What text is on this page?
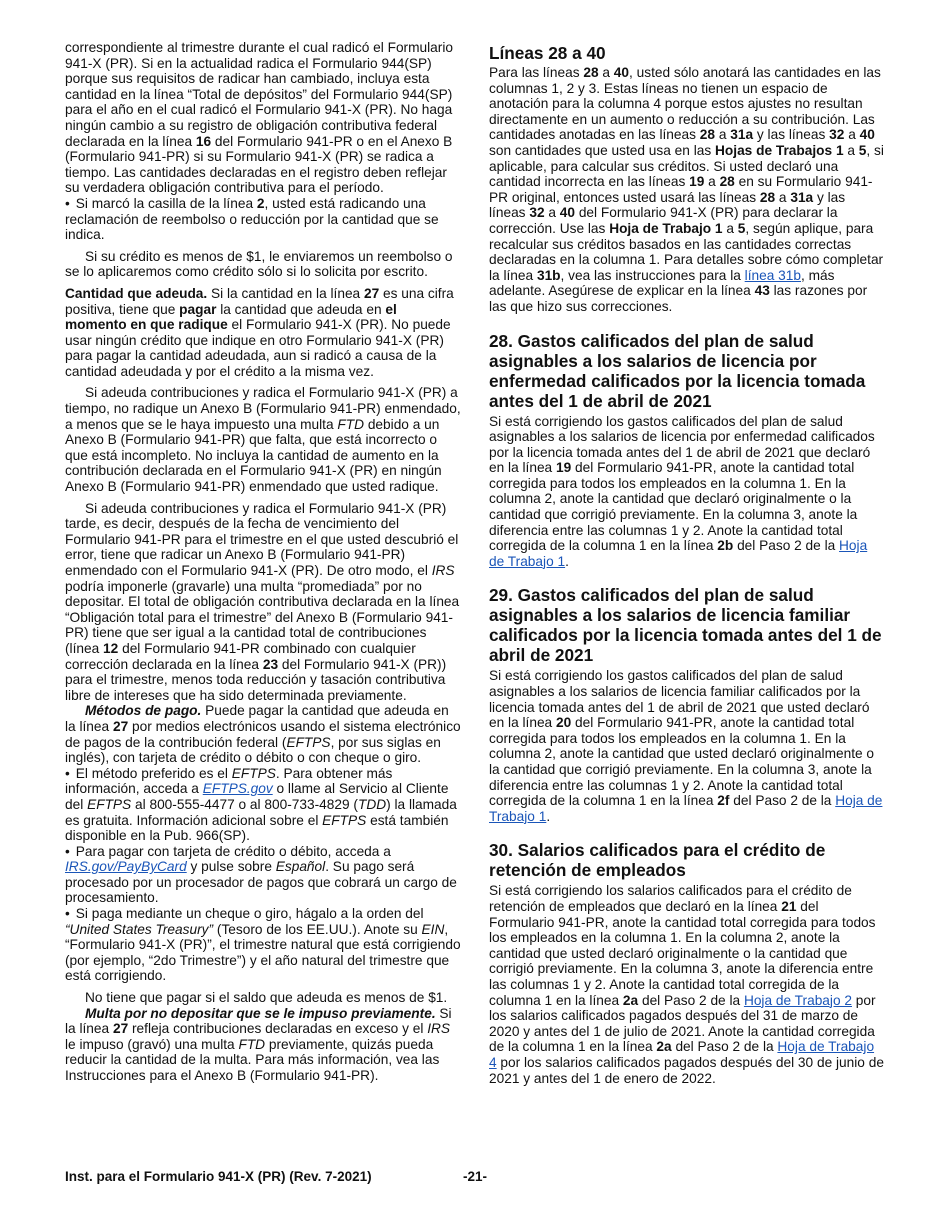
correspondiente al trimestre durante el cual radicó el Formulario 941-X (PR). Si en la actualidad radica el Formulario 944(SP) porque sus requisitos de radicar han cambiado, incluya esta cantidad en la línea “Total de depósitos” del Formulario 944(SP) para el año en el cual radicó el Formulario 941-X (PR). No haga ningún cambio a su registro de obligación contributiva federal declarada en la línea 16 del Formulario 941-PR o en el Anexo B (Formulario 941-PR) si su Formulario 941-X (PR) se radica a tiempo. Las cantidades declaradas en el registro deben reflejar su verdadera obligación contributiva para el período.

• Si marcó la casilla de la línea 2, usted está radicando una reclamación de reembolso o reducción por la cantidad que se indica.

Si su crédito es menos de $1, le enviaremos un reembolso o se lo aplicaremos como crédito sólo si lo solicita por escrito.

Cantidad que adeuda. Si la cantidad en la línea 27 es una cifra positiva, tiene que pagar la cantidad que adeuda en el momento en que radique el Formulario 941-X (PR). No puede usar ningún crédito que indique en otro Formulario 941-X (PR) para pagar la cantidad adeudada, aun si radicó a causa de la cantidad adeudada y por el crédito a la misma vez.

Si adeuda contribuciones y radica el Formulario 941-X (PR) a tiempo, no radique un Anexo B (Formulario 941-PR) enmendado, a menos que se le haya impuesto una multa FTD debido a un Anexo B (Formulario 941-PR) que falta, que está incorrecto o que está incompleto. No incluya la cantidad de aumento en la contribución declarada en el Formulario 941-X (PR) en ningún Anexo B (Formulario 941-PR) enmendado que usted radique.

Si adeuda contribuciones y radica el Formulario 941-X (PR) tarde, es decir, después de la fecha de vencimiento del Formulario 941-PR para el trimestre en el que usted descubrió el error, tiene que radicar un Anexo B (Formulario 941-PR) enmendado con el Formulario 941-X (PR). De otro modo, el IRS podría imponerle (gravarle) una multa “promediada” por no depositar. El total de obligación contributiva declarada en la línea “Obligación total para el trimestre” del Anexo B (Formulario 941-PR) tiene que ser igual a la cantidad total de contribuciones (línea 12 del Formulario 941-PR combinado con cualquier corrección declarada en la línea 23 del Formulario 941-X (PR)) para el trimestre, menos toda reducción y tasación contributiva libre de intereses que ha sido determinada previamente.

Métodos de pago. Puede pagar la cantidad que adeuda en la línea 27 por medios electrónicos usando el sistema electrónico de pagos de la contribución federal (EFTPS, por sus siglas en inglés), con tarjeta de crédito o débito o con cheque o giro.

• El método preferido es el EFTPS. Para obtener más información, acceda a EFTPS.gov o llame al Servicio al Cliente del EFTPS al 800-555-4477 o al 800-733-4829 (TDD) la llamada es gratuita. Información adicional sobre el EFTPS está también disponible en la Pub. 966(SP).

• Para pagar con tarjeta de crédito o débito, acceda a IRS.gov/PayByCard y pulse sobre Español. Su pago será procesado por un procesador de pagos que cobrará un cargo de procesamiento.

• Si paga mediante un cheque o giro, hágalo a la orden del “United States Treasury” (Tesoro de los EE.UU.). Anote su EIN, “Formulario 941-X (PR)”, el trimestre natural que está corrigiendo (por ejemplo, “2do Trimestre”) y el año natural del trimestre que está corrigiendo.

No tiene que pagar si el saldo que adeuda es menos de $1.

Multa por no depositar que se le impuso previamente. Si la línea 27 refleja contribuciones declaradas en exceso y el IRS le impuso (gravó) una multa FTD previamente, quizás pueda reducir la cantidad de la multa. Para más información, vea las Instrucciones para el Anexo B (Formulario 941-PR).

Líneas 28 a 40

Para las líneas 28 a 40, usted sólo anotará las cantidades en las columnas 1, 2 y 3. Estas líneas no tienen un espacio de anotación para la columna 4 porque estos ajustes no resultan directamente en un aumento o reducción a su contribución. Las cantidades anotadas en las líneas 28 a 31a y las líneas 32 a 40 son cantidades que usted usa en las Hojas de Trabajos 1 a 5, si aplicable, para calcular sus créditos. Si usted declaró una cantidad incorrecta en las líneas 19 a 28 en su Formulario 941-PR original, entonces usted usará las líneas 28 a 31a y las líneas 32 a 40 del Formulario 941-X (PR) para declarar la corrección. Use las Hoja de Trabajo 1 a 5, según aplique, para recalcular sus créditos basados en las cantidades correctas declaradas en la columna 1. Para detalles sobre cómo completar la línea 31b, vea las instrucciones para la línea 31b, más adelante. Asegúrese de explicar en la línea 43 las razones por las que hizo sus correcciones.

28. Gastos calificados del plan de salud asignables a los salarios de licencia por enfermedad calificados por la licencia tomada antes del 1 de abril de 2021

Si está corrigiendo los gastos calificados del plan de salud asignables a los salarios de licencia por enfermedad calificados por la licencia tomada antes del 1 de abril de 2021 que declaró en la línea 19 del Formulario 941-PR, anote la cantidad total corregida para todos los empleados en la columna 1. En la columna 2, anote la cantidad que declaró originalmente o la cantidad que corrigió previamente. En la columna 3, anote la diferencia entre las columnas 1 y 2. Anote la cantidad total corregida de la columna 1 en la línea 2b del Paso 2 de la Hoja de Trabajo 1.

29. Gastos calificados del plan de salud asignables a los salarios de licencia familiar calificados por la licencia tomada antes del 1 de abril de 2021

Si está corrigiendo los gastos calificados del plan de salud asignables a los salarios de licencia familiar calificados por la licencia tomada antes del 1 de abril de 2021 que usted declaró en la línea 20 del Formulario 941-PR, anote la cantidad total corregida para todos los empleados en la columna 1. En la columna 2, anote la cantidad que usted declaró originalmente o la cantidad que corrigió previamente. En la columna 3, anote la diferencia entre las columnas 1 y 2. Anote la cantidad total corregida de la columna 1 en la línea 2f del Paso 2 de la Hoja de Trabajo 1.

30. Salarios calificados para el crédito de retención de empleados

Si está corrigiendo los salarios calificados para el crédito de retención de empleados que declaró en la línea 21 del Formulario 941-PR, anote la cantidad total corregida para todos los empleados en la columna 1. En la columna 2, anote la cantidad que usted declaró originalmente o la cantidad que corrigió previamente. En la columna 3, anote la diferencia entre las columnas 1 y 2. Anote la cantidad total corregida de la columna 1 en la línea 2a del Paso 2 de la Hoja de Trabajo 2 por los salarios calificados pagados después del 31 de marzo de 2020 y antes del 1 de julio de 2021. Anote la cantidad corregida de la columna 1 en la línea 2a del Paso 2 de la Hoja de Trabajo 4 por los salarios calificados pagados después del 30 de junio de 2021 y antes del 1 de enero de 2022.

Inst. para el Formulario 941-X (PR) (Rev. 7-2021)	-21-
